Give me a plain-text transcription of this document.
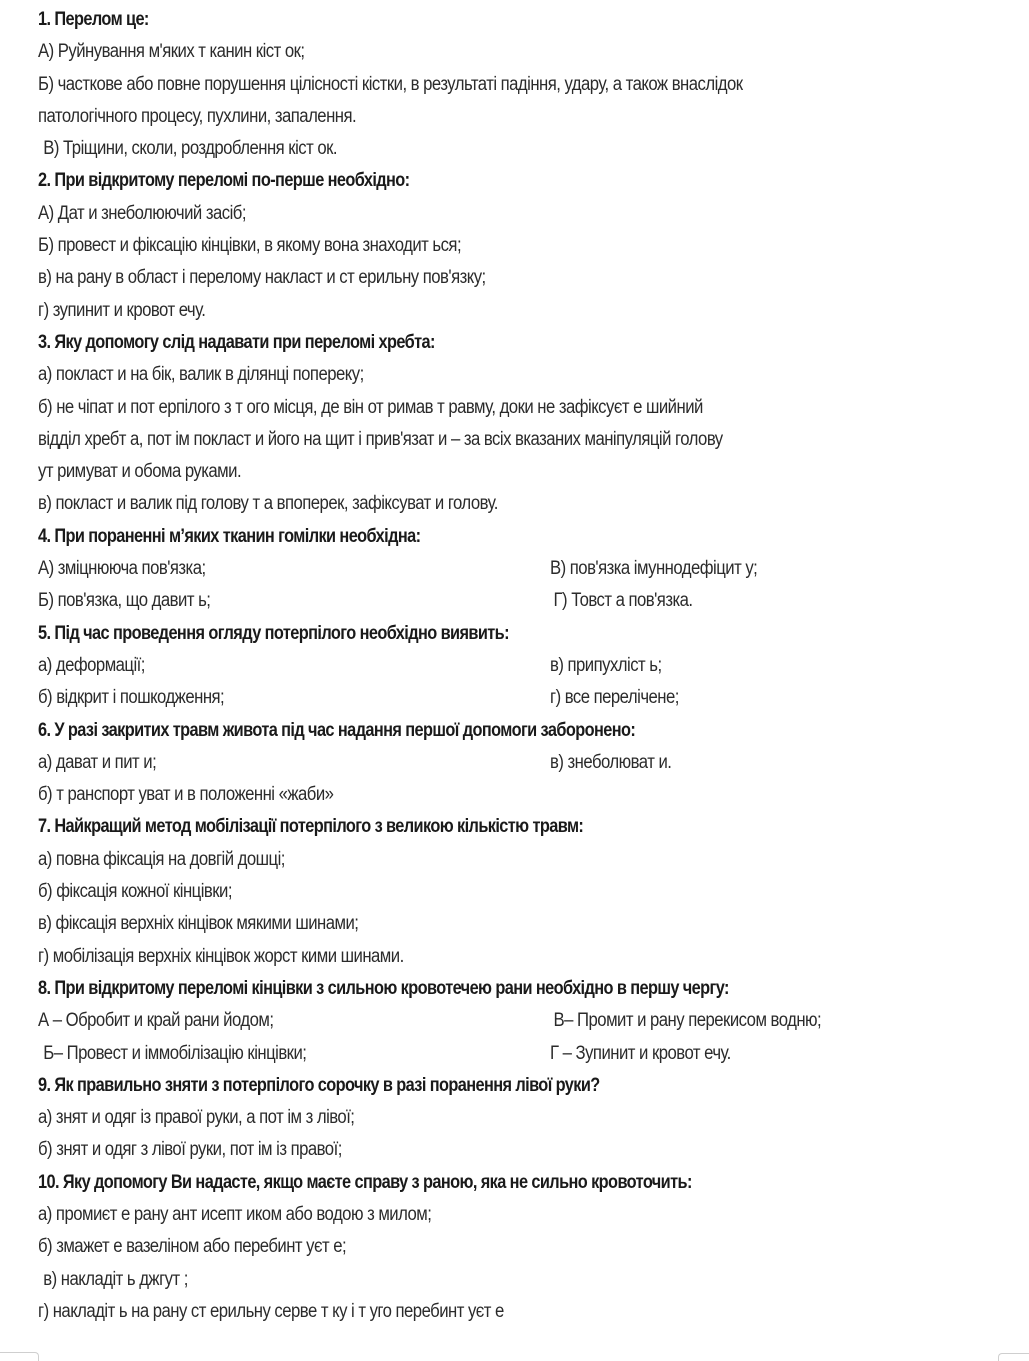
1. Перелом це:
А) Руйнування м'яких т канин кіст ок;
Б) часткове або повне порушення цілісності кістки, в результаті падіння, удару, а також внаслідок
патологічного процесу, пухлини, запалення.
В) Тріщини, сколи, роздроблення кіст ок.
2. При відкритому переломі по-перше необхідно:
А) Дат и знеболюючий засіб;
Б) провест и фіксацію кінцівки, в якому вона знаходит ься;
в) на рану в област і перелому накласт и ст ерильну пов'язку;
г) зупинит и кровот ечу.
3. Яку допомогу слід надавати при переломі хребта:
а) покласт и на бік, валик в ділянці попереку;
б) не чіпат и пот ерпілого з т ого місця, де він от римав т равму, доки не зафіксуєт е шийний
відділ хребт а, пот ім покласт и його на щит і прив'язат и – за всіх вказаних маніпуляцій голову
ут римуват и обома руками.
в) покласт и валик під голову т а впоперек, зафіксуват и голову.
4. При пораненні м’яких тканин гомілки необхідна:
А) зміцнююча пов'язка;	В) пов'язка імуннодефіцит у;
Б) пов'язка, що давит ь;	Г) Товст а пов'язка.
5. Під час проведення огляду потерпілого необхідно виявить:
а) деформації;	в) припухліст ь;
б) відкрит і пошкодження;	г) все перелічене;
6. У разі закритих травм живота під час надання першої допомоги заборонено:
а) дават и пит и;	в) знеболюват и.
б) т ранспорт уват и в положенні «жаби»
7. Найкращий метод мобілізації потерпілого з великою кількістю травм:
а) повна фіксація на довгій дошці;
б) фіксація кожної кінцівки;
в) фіксація верхніх кінцівок мякими шинами;
г) мобілізація верхніх кінцівок жорст кими шинами.
8. При відкритому переломі кінцівки з сильною кровотечею рани необхідно в першу чергу:
А – Обробит и край рани йодом;	В– Промит и рану перекисом водню;
Б– Провест и іммобілізацію кінцівки;	Г – Зупинит и кровот ечу.
9. Як правильно зняти з потерпілого сорочку в разі поранення лівої руки?
а) знят и одяг із правої руки, а пот ім з лівої;
б) знят и одяг з лівої руки, пот ім із правої;
10. Яку допомогу Ви надасте, якщо маєте справу з раною, яка не сильно кровоточить:
а) промиєт е рану ант исепт иком або водою з милом;
б) змажет е вазеліном або перебинт уєт е;
в) накладіт ь джгут ;
г) накладіт ь на рану ст ерильну серве т ку і т уго перебинт уєт е
